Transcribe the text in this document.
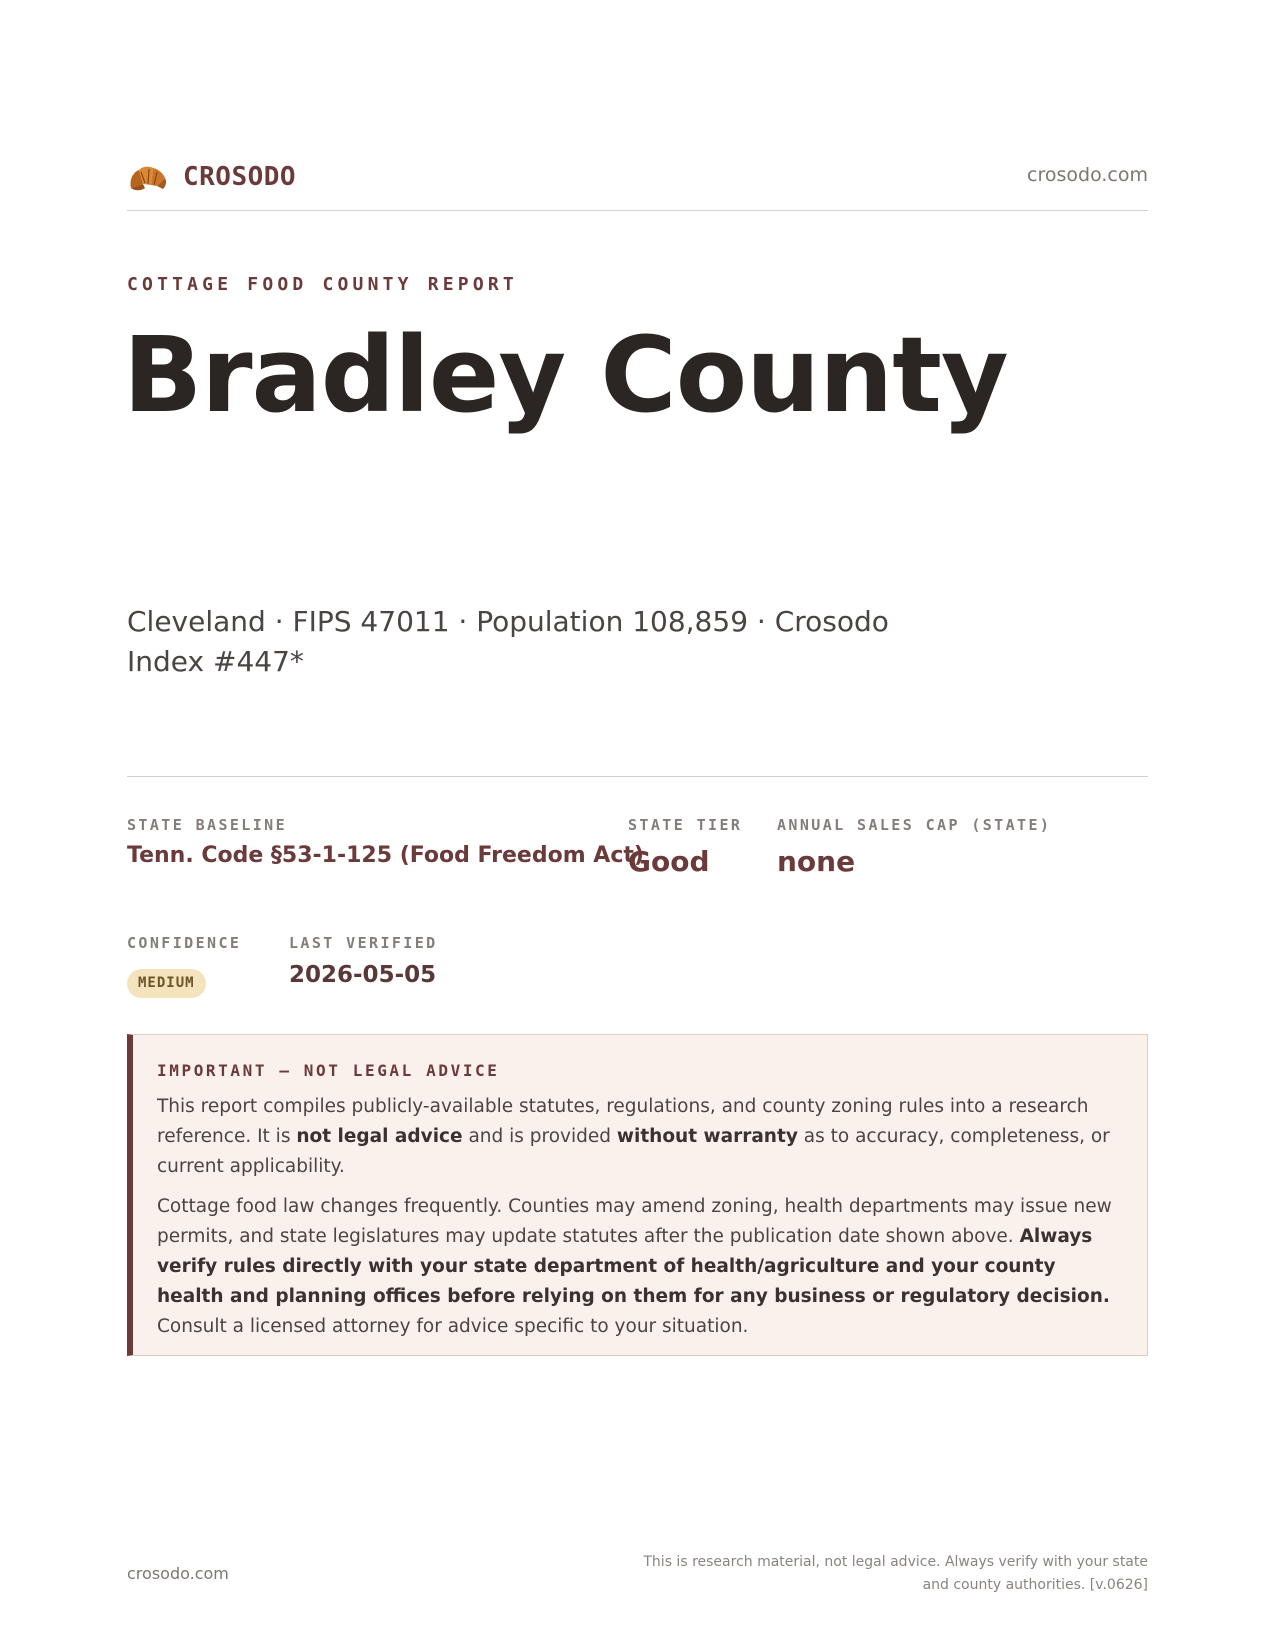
CROSODO	crosodo.com
COTTAGE FOOD COUNTY REPORT
Bradley County
Cleveland · FIPS 47011 · Population 108,859 · Crosodo Index #447*
STATE BASELINE
Tenn. Code §53-1-125 (Food Freedom Act)
STATE TIER
Good
ANNUAL SALES CAP (STATE)
none
CONFIDENCE
MEDIUM
LAST VERIFIED
2026-05-05
IMPORTANT — NOT LEGAL ADVICE

This report compiles publicly-available statutes, regulations, and county zoning rules into a research reference. It is not legal advice and is provided without warranty as to accuracy, completeness, or current applicability.

Cottage food law changes frequently. Counties may amend zoning, health departments may issue new permits, and state legislatures may update statutes after the publication date shown above. Always verify rules directly with your state department of health/agriculture and your county health and planning offices before relying on them for any business or regulatory decision. Consult a licensed attorney for advice specific to your situation.

crosodo.com
This is research material, not legal advice. Always verify with your state
and county authorities. [v.0626]
